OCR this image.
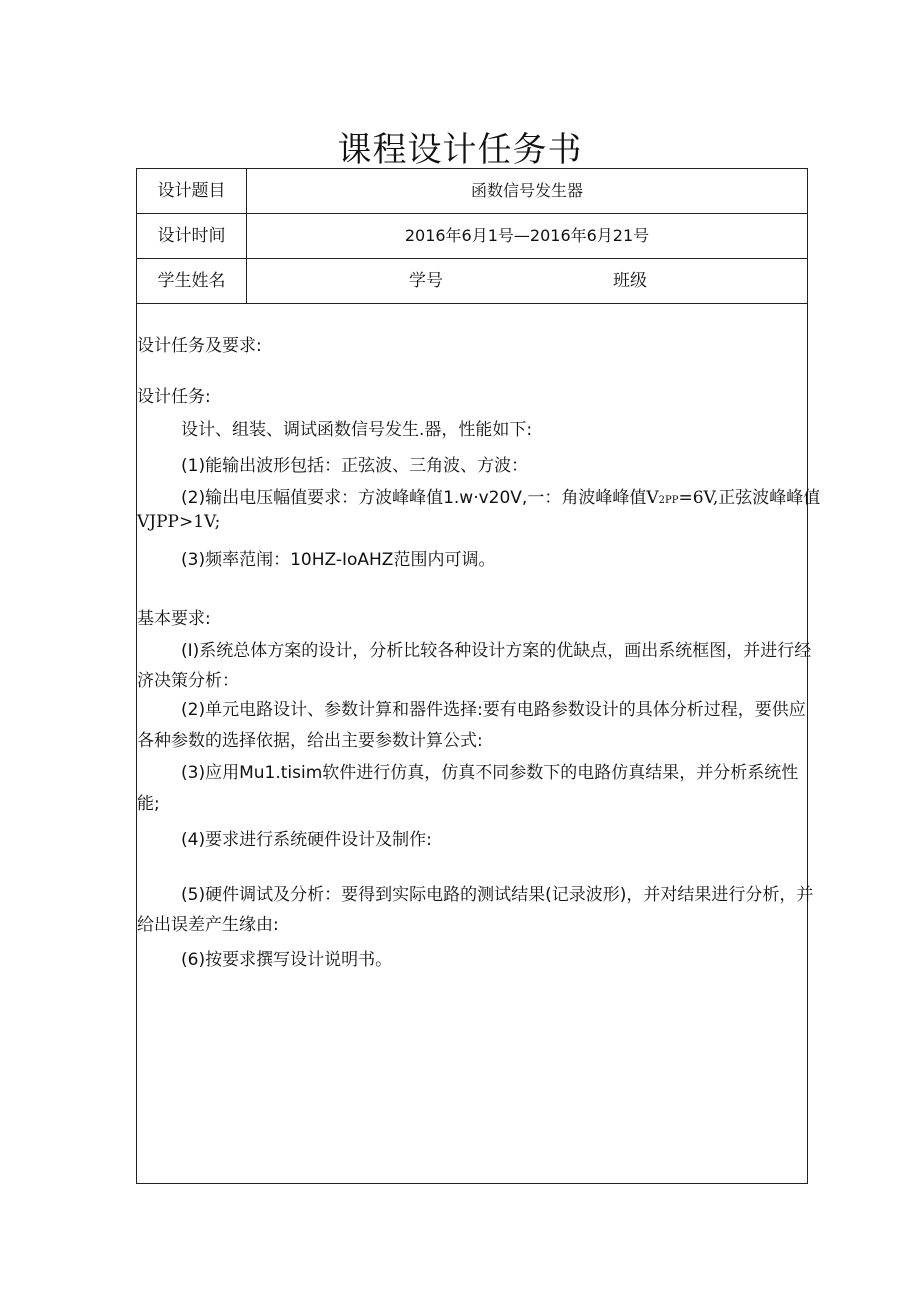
课程设计任务书
设计题目	函数信号发生器
设计时间	2016年6月1号—2016年6月21号
学生姓名	学号	班级
设计任务及要求:
设计任务:
设计、组装、调试函数信号发生.器，性能如下:
(1)能输出波形包括：正弦波、三角波、方波：
(2)输出电压幅值要求：方波峰峰值1.w·v20V,一：角波峰峰值V2PP=6V,正弦波峰峰值
VJPP>1V;
(3)频率范闱：10HZ-IoAHZ范围内可调。
基本要求:
(I)系统总体方案的设计，分析比较各种设计方案的优缺点，画出系统框图，并进行经
济决策分析：
(2)单元电路设计、参数计算和器件选择:要有电路参数设计的具体分析过程，要供应
各种参数的选择依据，给出主要参数计算公式:
(3)应用Mu1.tisim软件进行仿真，仿真不同参数下的电路仿真结果，并分析系统性
能;
(4)要求进行系统硬件设计及制作:
(5)硬件调试及分析：要得到实际电路的测试结果(记录波形)，并对结果进行分析，并
给出误差产生缘由:
(6)按要求撰写设计说明书。
